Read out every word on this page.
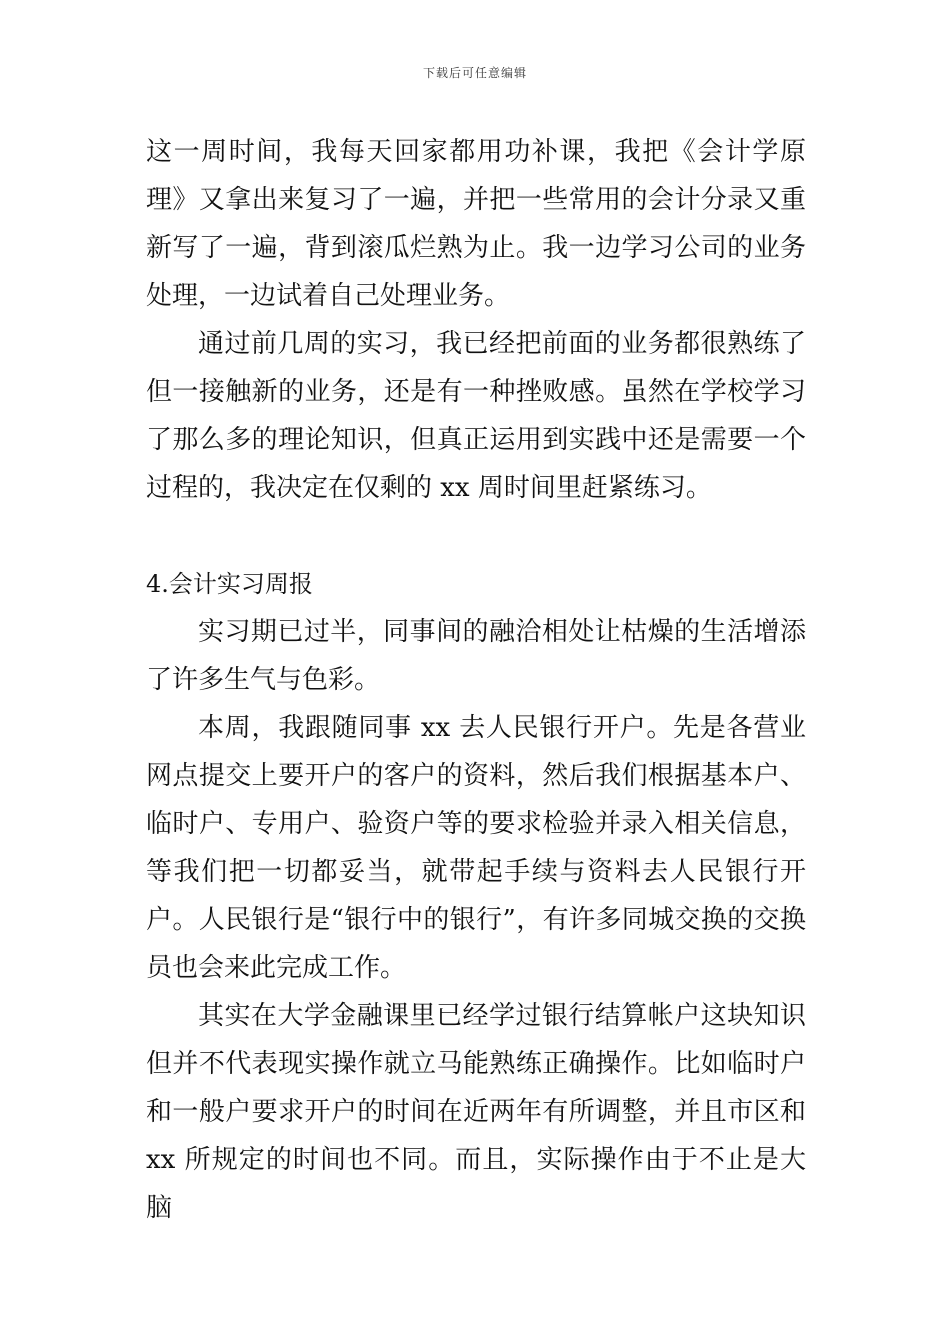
下载后可任意编辑

这一周时间，我每天回家都用功补课，我把《会计学原理》又拿出来复习了一遍，并把一些常用的会计分录又重新写了一遍，背到滚瓜烂熟为止。我一边学习公司的业务处理，一边试着自己处理业务。

通过前几周的实习，我已经把前面的业务都很熟练了但一接触新的业务，还是有一种挫败感。虽然在学校学习了那么多的理论知识，但真正运用到实践中还是需要一个过程的，我决定在仅剩的 xx 周时间里赶紧练习。

4.会计实习周报

实习期已过半，同事间的融洽相处让枯燥的生活增添了许多生气与色彩。

本周，我跟随同事 xx 去人民银行开户。先是各营业网点提交上要开户的客户的资料，然后我们根据基本户、临时户、专用户、验资户等的要求检验并录入相关信息，等我们把一切都妥当，就带起手续与资料去人民银行开户。人民银行是“银行中的银行”，有许多同城交换的交换员也会来此完成工作。

其实在大学金融课里已经学过银行结算帐户这块知识但并不代表现实操作就立马能熟练正确操作。比如临时户和一般户要求开户的时间在近两年有所调整，并且市区和 xx 所规定的时间也不同。而且，实际操作由于不止是大脑
